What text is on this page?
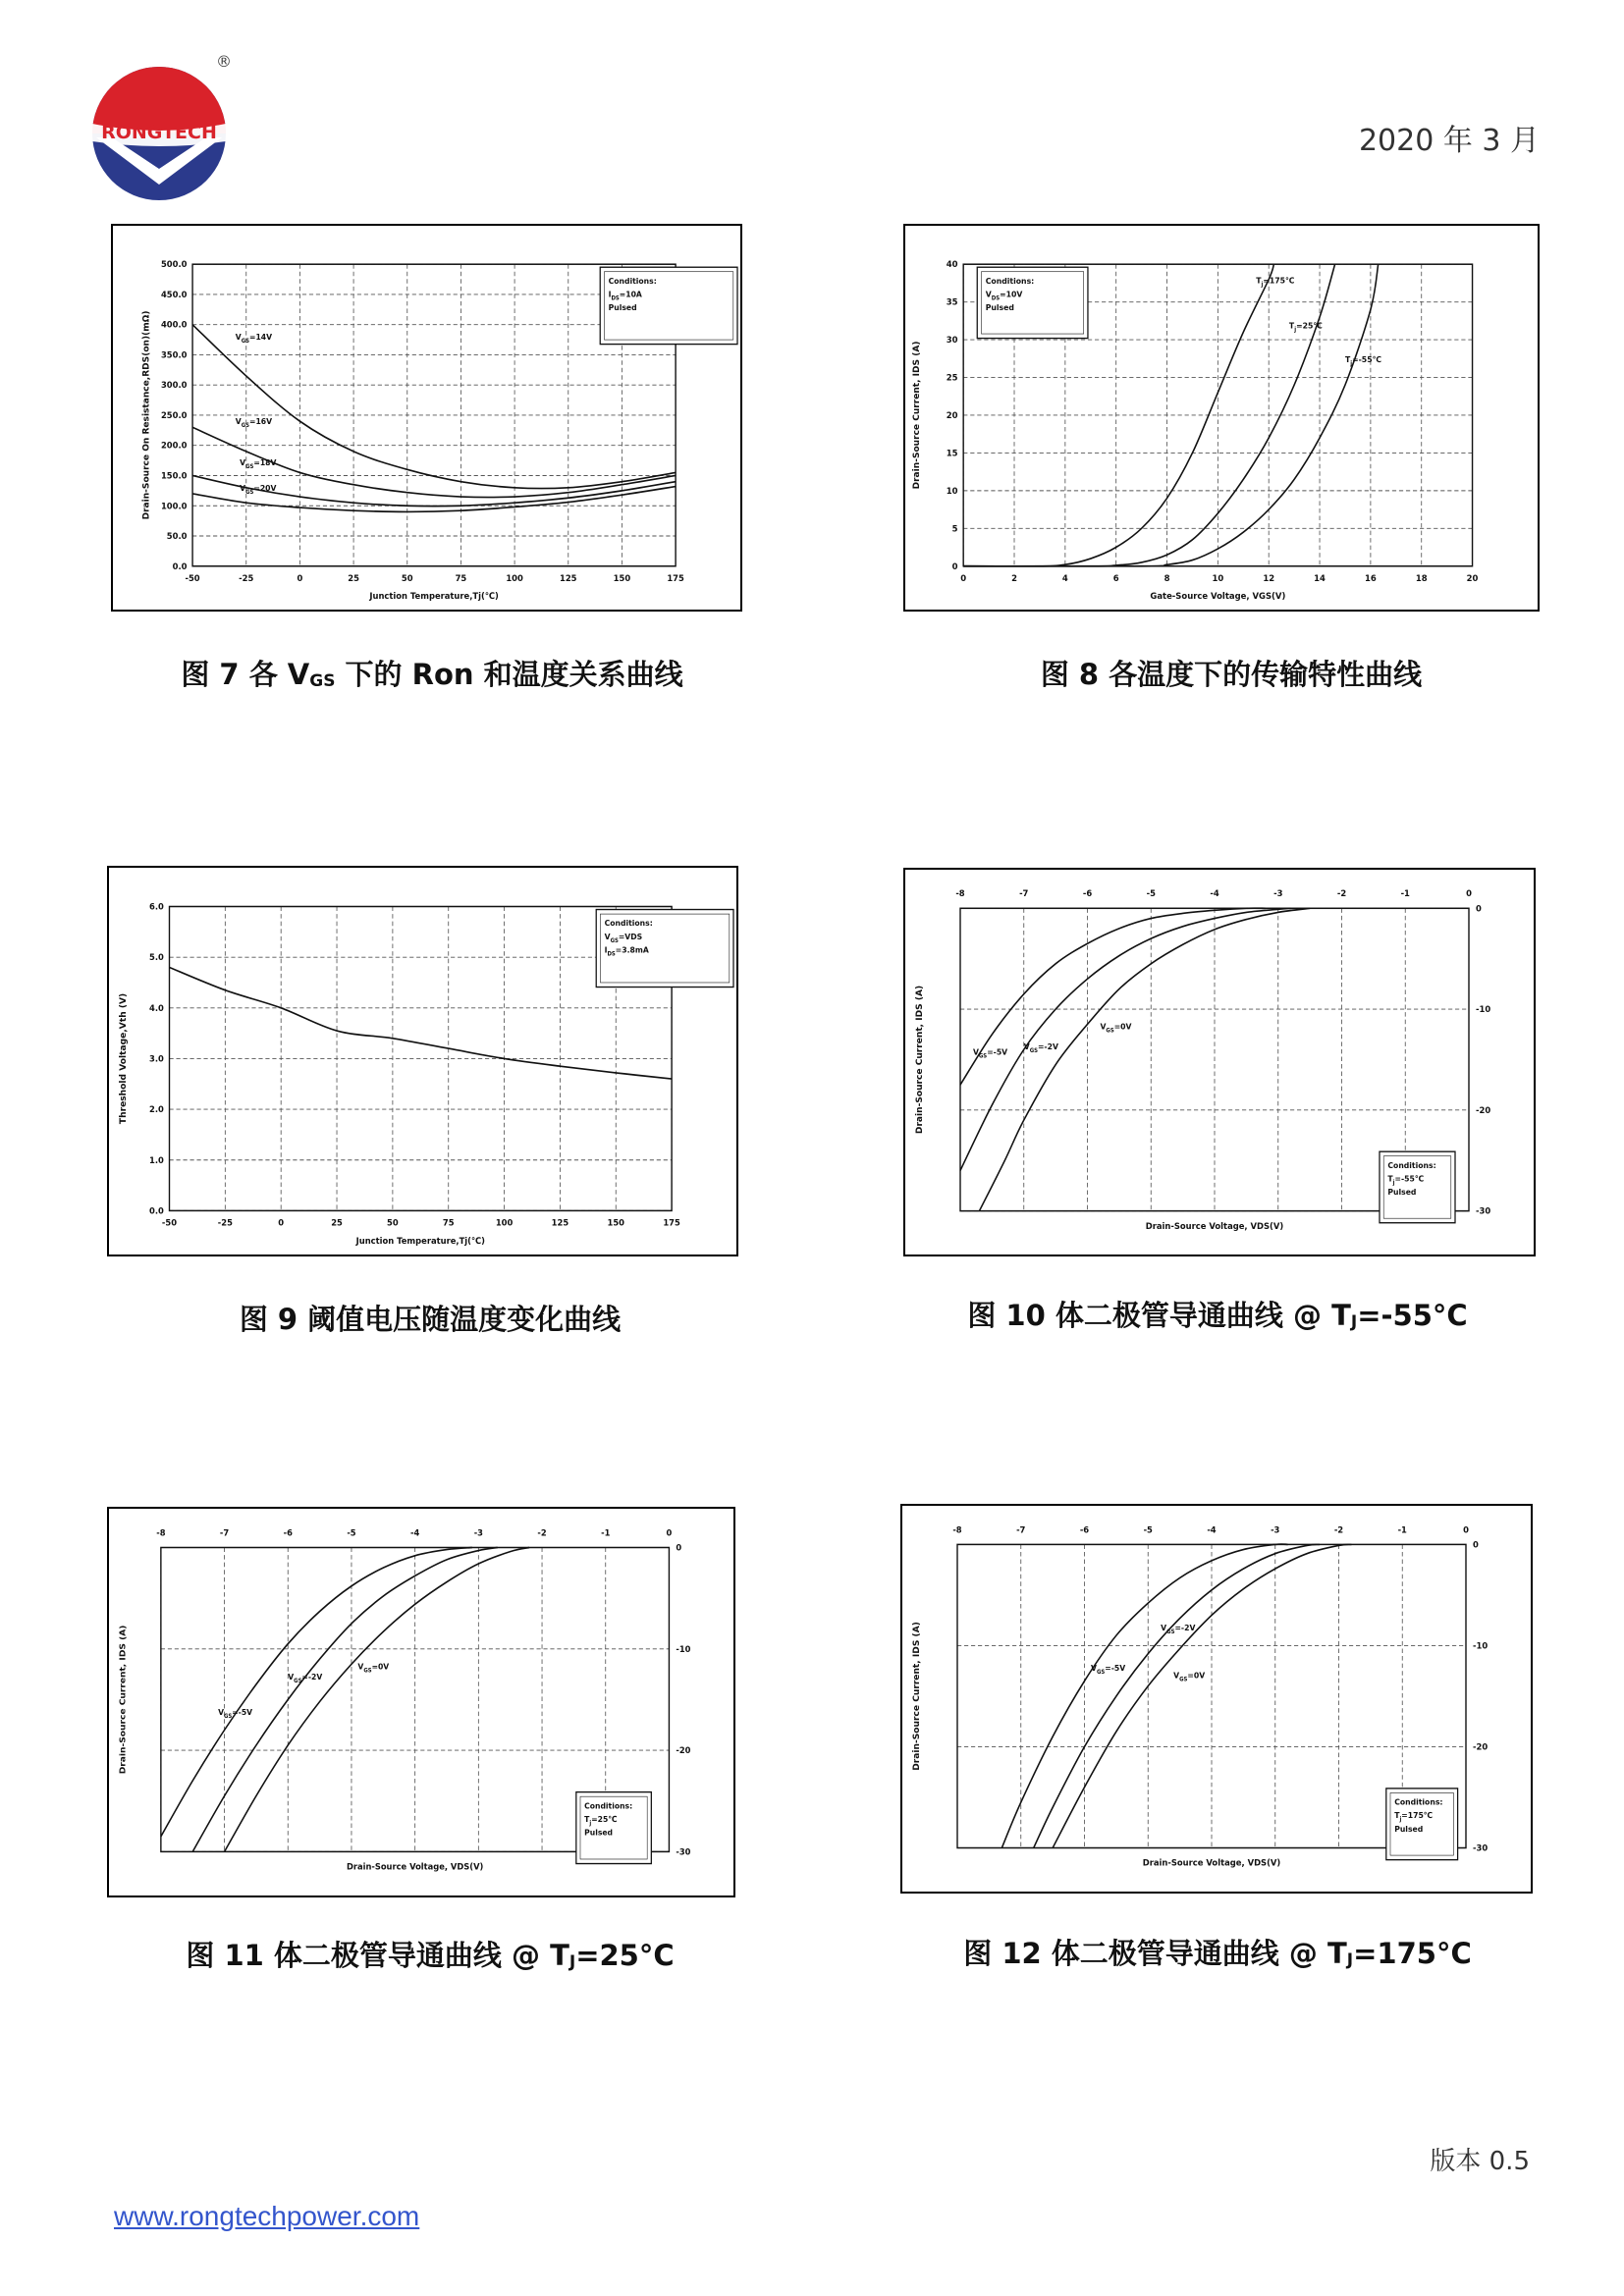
RONGTECH
®
2020 年 3 月
-50	-25	0	25	50	75	100	125	150	175
0.0
50.0
100.0
150.0
200.0
250.0
300.0
350.0
400.0
450.0
500.0
Junction Temperature,Tj(℃)
Drain-Source On Resistance,RDS(on)(mΩ)	$V_{GS}=14V$
$V_{GS}=16V$
$V_{GS}=18V$
$V_{GS}=20V$
Conditions:
$I_{DS}=10A$
Pulsed
0	2	4	6	8	10	12	14	16	18	20
0
5
10
15
20
25
30
35
40
Gate-Source Voltage, VGS(V)
Drain-Source Current, IDS (A)
$T_j=175℃$
$T_j=25℃$
$T_j=-55℃$
Conditions:
$V_{DS}=10V$
Pulsed
-50	-25	0	25	50	75	100	125	150	175
0.0
1.0
2.0
3.0
4.0
5.0
6.0
Junction Temperature,Tj(℃)
Threshold Voltage,Vth (V)
Conditions:
$V_{GS}=VDS$
$I_{DS}=3.8mA$
-8	-7	-6	-5	-4	-3	-2	-1	0
0
-10
-20
-30
Drain-Source Voltage, VDS(V)
Drain-Source Current, IDS (A)	$V_{GS}=-5V$
$V_{GS}=-2V$
$V_{GS}=0V$
Conditions:
$T_j=-55℃$
Pulsed
-8	-7	-6	-5	-4	-3	-2	-1	0
0
-10
-20
-30
Drain-Source Voltage, VDS(V)
Drain-Source Current, IDS (A)	$V_{GS}=-5V$
$V_{GS}=-2V$
$V_{GS}=0V$
Conditions:
$T_j=25℃$
Pulsed
-8	-7	-6	-5	-4	-3	-2	-1	0
0
-10
-20
-30
Drain-Source Voltage, VDS(V)
Drain-Source Current, IDS (A)	$V_{GS}=-5V$
$V_{GS}=-2V$
$V_{GS}=0V$
Conditions:
$T_j=175℃$
Pulsed
图 7 各 $V_{GS}$ 下的 Ron 和温度关系曲线	图 8 各温度下的传输特性曲线
图 9 阈值电压随温度变化曲线	图 10 体二极管导通曲线 @ $T_J=-55^\circ C$
图 11 体二极管导通曲线 @ $T_J=25^\circ C$	图 12 体二极管导通曲线 @ $T_J=175^\circ C$
版本 0.5
www.rongtechpower.com
